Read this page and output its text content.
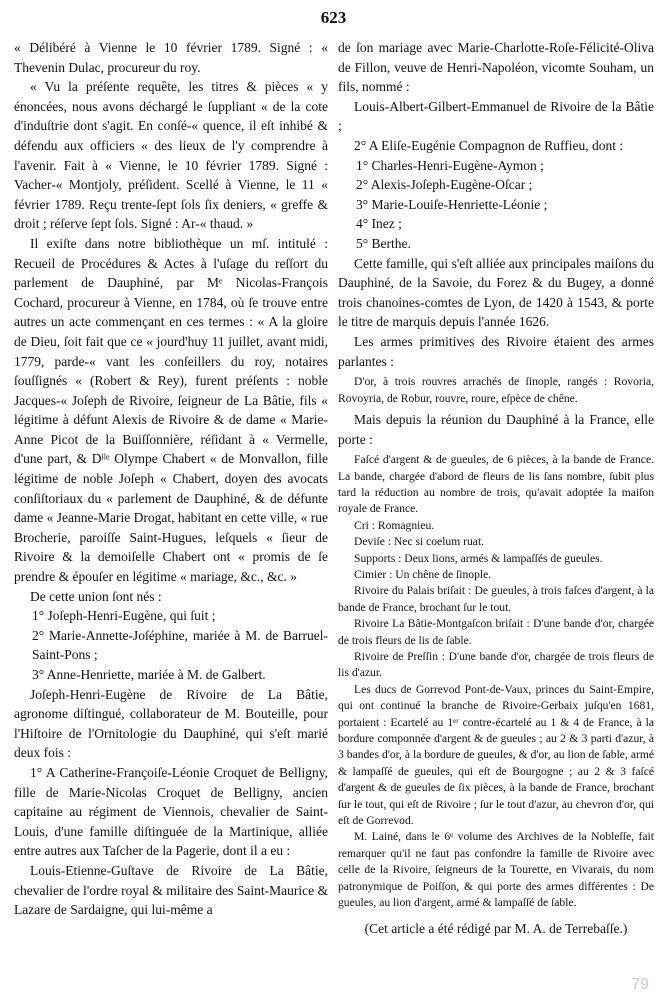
623

« Délibéré à Vienne le 10 février 1789. Signé : « Thevenin Dulac, procureur du roy.

« Vu la préſente requête, les titres & pièces « y énoncées, nous avons déchargé le ſuppliant « de la cote d'induſtrie dont s'agit. En conſé-« quence, il eſt inhibé & défendu aux officiers « des lieux de l'y comprendre à l'avenir. Fait à « Vienne, le 10 février 1789. Signé : Vacher-« Montjoly, préſident. Scellé à Vienne, le 11 « février 1789. Reçu trente-ſept ſols ſix deniers, « greffe & droit ; réſerve ſept ſols. Signé : Ar-« thaud. »

Il exiſte dans notre bibliothèque un mſ. intitulé : Recueil de Procédures & Actes à l'uſage du reſſort du parlement de Dauphiné, par Mᵉ Nicolas-François Cochard, procureur à Vienne, en 1784, où ſe trouve entre autres un acte commençant en ces termes : « A la gloire de Dieu, ſoit fait que ce « jourd'huy 11 juillet, avant midi, 1779, parde-« vant les conſeillers du roy, notaires ſouſſignés « (Robert & Rey), furent préſents : noble Jacques-« Joſeph de Rivoire, ſeigneur de La Bâtie, fils « légitime à défunt Alexis de Rivoire & de dame « Marie-Anne Picot de la Buiſſonnière, réſidant à « Vermelle, d'une part, & Dˡˡᵉ Olympe Chabert « de Monvallon, fille légitime de noble Joſeph « Chabert, doyen des avocats conſiſtoriaux du « parlement de Dauphiné, & de défunte dame « Jeanne-Marie Drogat, habitant en cette ville, « rue Brocherie, paroiſſe Saint-Hugues, leſquels « ſieur de Rivoire & la demoiſelle Chabert ont « promis de ſe prendre & épouſer en légitime « mariage, &c., &c. »

De cette union ſont nés :

1° Joſeph-Henri-Eugène, qui ſuit ;

2° Marie-Annette-Joſéphine, mariée à M. de Barruel-Saint-Pons ;

3° Anne-Henriette, mariée à M. de Galbert.

Joſeph-Henri-Eugène de Rivoire de La Bâtie, agronome diſtingué, collaborateur de M. Bouteille, pour l'Hiſtoire de l'Ornitologie du Dauphiné, qui s'eſt marié deux fois :

1° A Catherine-Françoiſe-Léonie Croquet de Belligny, fille de Marie-Nicolas Croquet de Belligny, ancien capitaine au régiment de Viennois, chevalier de Saint-Louis, d'une famille diſtinguée de la Martinique, alliée entre autres aux Taſcher de la Pagerie, dont il a eu :

Louis-Etienne-Guſtave de Rivoire de La Bâtie, chevalier de l'ordre royal & militaire des Saint-Maurice & Lazare de Sardaigne, qui lui-même a

de ſon mariage avec Marie-Charlotte-Roſe-Félicité-Oliva de Fillon, veuve de Henri-Napoléon, vicomte Souham, un fils, nommé :

Louis-Albert-Gilbert-Emmanuel de Rivoire de la Bâtie ;

2° A Eliſe-Eugénie Compagnon de Ruffieu, dont :

1° Charles-Henri-Eugène-Aymon ;

2° Alexis-Joſeph-Eugène-Oſcar ;

3° Marie-Louiſe-Henriette-Léonie ;

4° Inez ;

5° Berthe.

Cette famille, qui s'eſt alliée aux principales maiſons du Dauphiné, de la Savoie, du Forez & du Bugey, a donné trois chanoines-comtes de Lyon, de 1420 à 1543, & porte le titre de marquis depuis l'année 1626.

Les armes primitives des Rivoire étaient des armes parlantes :

D'or, à trois rouvres arrachés de ſinople, rangés : Rovoria, Rovoyria, de Robur, rouvre, roure, eſpèce de chêne.

Mais depuis la réunion du Dauphiné à la France, elle porte :

Faſcé d'argent & de gueules, de 6 pièces, à la bande de France. La bande, chargée d'abord de fleurs de lis ſans nombre, ſubit plus tard la réduction au nombre de trois, qu'avait adoptée la maiſon royale de France.

Cri : Romagnieu.

Deviſe : Nec si coelum ruat.

Supports : Deux lions, armés & lampaſſés de gueules.

Cimier : Un chêne de ſinople.

Rivoire du Palais briſait : De gueules, à trois faſces d'argent, à la bande de France, brochant ſur le tout.

Rivoire La Bâtie-Montgaſcon briſait : D'une bande d'or, chargée de trois fleurs de lis de ſable.

Rivoire de Preſſin : D'une bande d'or, chargée de trois fleurs de lis d'azur.

Les ducs de Gorrevod Pont-de-Vaux, princes du Saint-Empire, qui ont continué la branche de Rivoire-Gerbaix juſqu'en 1681, portaient : Ecartelé au 1ᵉʳ contre-écartelé au 1 & 4 de France, à la bordure componnée d'argent & de gueules ; au 2 & 3 parti d'azur, à 3 bandes d'or, à la bordure de gueules, & d'or, au lion de ſable, armé & lampaſſé de gueules, qui eſt de Bourgogne ; au 2 & 3 faſcé d'argent & de gueules de ſix pièces, à la bande de France, brochant ſur le tout, qui eſt de Rivoire ; ſur le tout d'azur, au chevron d'or, qui eſt de Gorrevod.

M. Lainé, dans le 6ᵉ volume des Archives de la Nobleſſe, fait remarquer qu'il ne faut pas confondre la famille de Rivoire avec celle de la Rivoire, ſeigneurs de la Tourette, en Vivarais, du nom patronymique de Poiſſon, & qui porte des armes différentes : De gueules, au lion d'argent, armé & lampaſſé de ſable.

(Cet article a été rédigé par M. A. de Terrebaſſe.)

79
